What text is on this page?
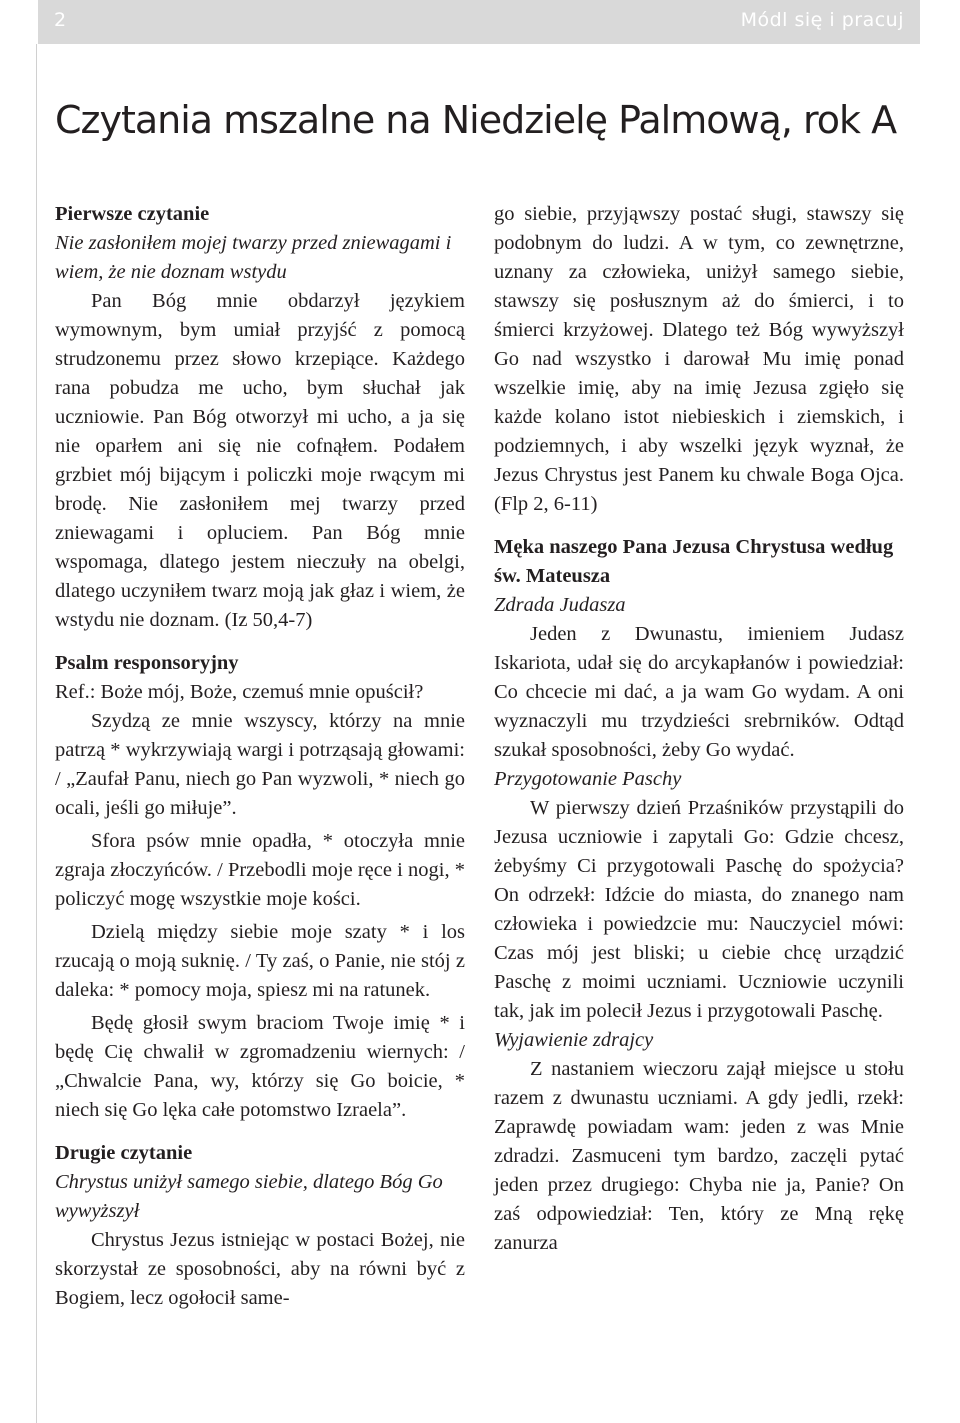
2	Módl się i pracuj
Czytania mszalne na Niedzielę Palmową, rok A

Pierwsze czytanie

Nie zasłoniłem mojej twarzy przed zniewagami i wiem, że nie doznam wstydu

Pan Bóg mnie obdarzył językiem wymownym, bym umiał przyjść z pomocą strudzonemu przez słowo krzepiące. Każdego rana pobudza me ucho, bym słuchał jak uczniowie. Pan Bóg otworzył mi ucho, a ja się nie oparłem ani się nie cofnąłem. Podałem grzbiet mój bijącym i policzki moje rwącym mi brodę. Nie zasłoniłem mej twarzy przed zniewagami i opluciem. Pan Bóg mnie wspomaga, dlatego jestem nieczuły na obelgi, dlatego uczyniłem twarz moją jak głaz i wiem, że wstydu nie doznam. (Iz 50,4-7)

Psalm responsoryjny

Ref.: Boże mój, Boże, czemuś mnie opuścił?

Szydzą ze mnie wszyscy, którzy na mnie patrzą * wykrzywiają wargi i potrząsają głowami: / „Zaufał Panu, niech go Pan wyzwoli, * niech go ocali, jeśli go miłuje”.

Sfora psów mnie opadła, * otoczyła mnie zgraja złoczyńców. / Przebodli moje ręce i nogi, * policzyć mogę wszystkie moje kości.

Dzielą między siebie moje szaty * i los rzucają o moją suknię. / Ty zaś, o Panie, nie stój z daleka: * pomocy moja, spiesz mi na ratunek.

Będę głosił swym braciom Twoje imię * i będę Cię chwalił w zgromadzeniu wiernych: / „Chwalcie Pana, wy, którzy się Go boicie, * niech się Go lęka całe potomstwo Izraela”.

Drugie czytanie

Chrystus uniżył samego siebie, dlatego Bóg Go wywyższył

Chrystus Jezus istniejąc w postaci Bożej, nie skorzystał ze sposobności, aby na równi być z Bogiem, lecz ogołocił same-

go siebie, przyjąwszy postać sługi, stawszy się podobnym do ludzi. A w tym, co zewnętrzne, uznany za człowieka, uniżył samego siebie, stawszy się posłusznym aż do śmierci, i to śmierci krzyżowej. Dlatego też Bóg wywyższył Go nad wszystko i darował Mu imię ponad wszelkie imię, aby na imię Jezusa zgięło się każde kolano istot niebieskich i ziemskich, i podziemnych, i aby wszelki język wyznał, że Jezus Chrystus jest Panem ku chwale Boga Ojca. (Flp 2, 6-11)

Męka naszego Pana Jezusa Chrystusa według św. Mateusza

Zdrada Judasza

Jeden z Dwunastu, imieniem Judasz Iskariota, udał się do arcykapłanów i powiedział: Co chcecie mi dać, a ja wam Go wydam. A oni wyznaczyli mu trzydzieści srebrników. Odtąd szukał sposobności, żeby Go wydać.

Przygotowanie Paschy

W pierwszy dzień Przaśników przystąpili do Jezusa uczniowie i zapytali Go: Gdzie chcesz, żebyśmy Ci przygotowali Paschę do spożycia? On odrzekł: Idźcie do miasta, do znanego nam człowieka i powiedzcie mu: Nauczyciel mówi: Czas mój jest bliski; u ciebie chcę urządzić Paschę z moimi uczniami. Uczniowie uczynili tak, jak im polecił Jezus i przygotowali Paschę.

Wyjawienie zdrajcy

Z nastaniem wieczoru zajął miejsce u stołu razem z dwunastu uczniami. A gdy jedli, rzekł: Zaprawdę powiadam wam: jeden z was Mnie zdradzi. Zasmuceni tym bardzo, zaczęli pytać jeden przez drugiego: Chyba nie ja, Panie? On zaś odpowiedział: Ten, który ze Mną rękę zanurza
